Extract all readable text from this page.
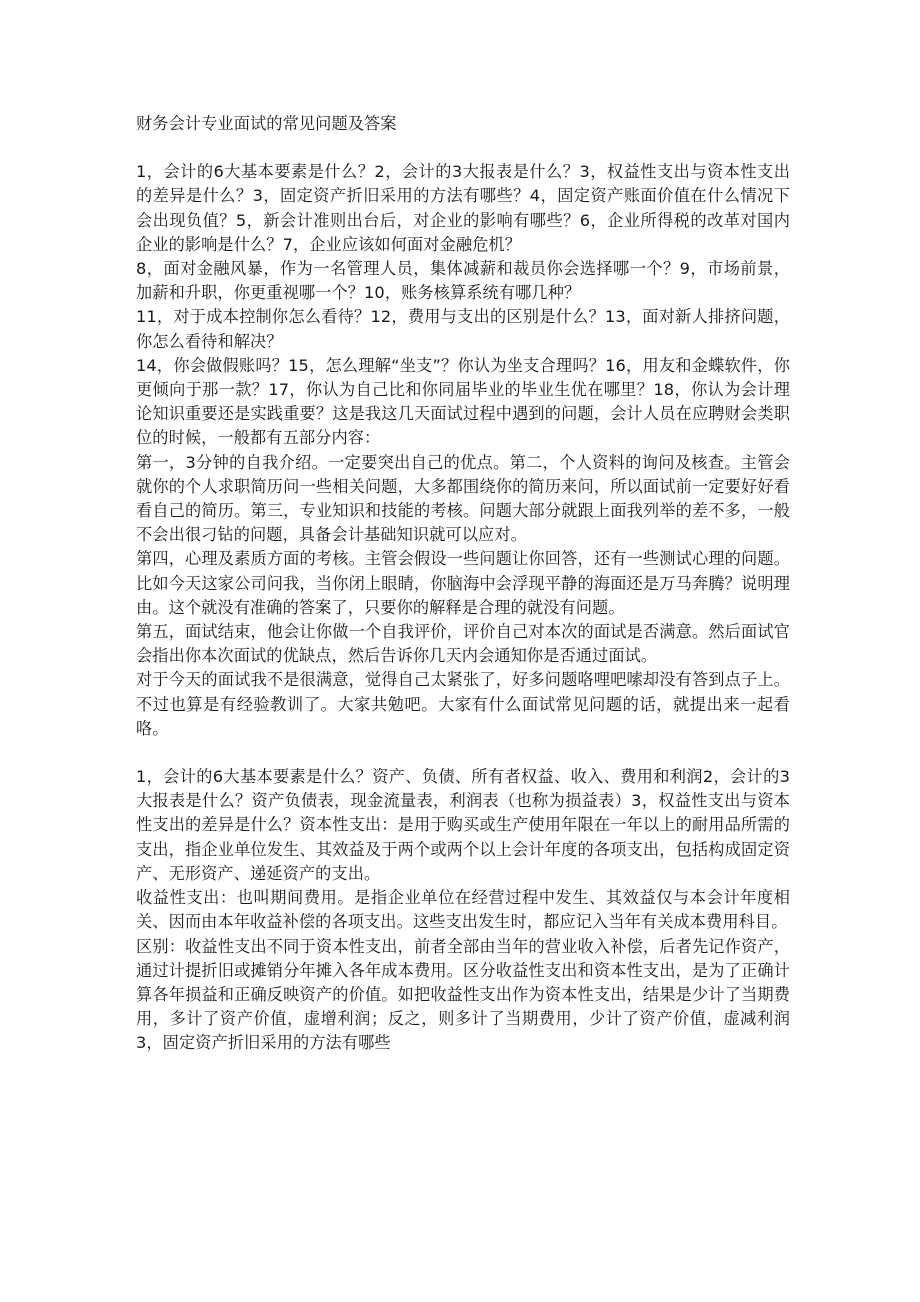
财务会计专业面试的常见问题及答案

1，会计的6大基本要素是什么？2，会计的3大报表是什么？3，权益性支出与资本性支出的差异是什么？3，固定资产折旧采用的方法有哪些？4，固定资产账面价值在什么情况下会出现负值？5，新会计准则出台后，对企业的影响有哪些？6，企业所得税的改革对国内企业的影响是什么？7，企业应该如何面对金融危机？

8，面对金融风暴，作为一名管理人员，集体减薪和裁员你会选择哪一个？9，市场前景，加薪和升职，你更重视哪一个？10，账务核算系统有哪几种？

11，对于成本控制你怎么看待？12，费用与支出的区别是什么？13，面对新人排挤问题，你怎么看待和解决？

14，你会做假账吗？15，怎么理解“坐支”？你认为坐支合理吗？16，用友和金蝶软件，你更倾向于那一款？17，你认为自己比和你同届毕业的毕业生优在哪里？18，你认为会计理论知识重要还是实践重要？这是我这几天面试过程中遇到的问题，会计人员在应聘财会类职位的时候，一般都有五部分内容：

第一，3分钟的自我介绍。一定要突出自己的优点。第二，个人资料的询问及核查。主管会就你的个人求职简历问一些相关问题，大多都围绕你的简历来问，所以面试前一定要好好看看自己的简历。第三，专业知识和技能的考核。问题大部分就跟上面我列举的差不多，一般不会出很刁钻的问题，具备会计基础知识就可以应对。

第四，心理及素质方面的考核。主管会假设一些问题让你回答，还有一些测试心理的问题。比如今天这家公司问我，当你闭上眼睛，你脑海中会浮现平静的海面还是万马奔腾？说明理由。这个就没有准确的答案了，只要你的解释是合理的就没有问题。

第五，面试结束，他会让你做一个自我评价，评价自己对本次的面试是否满意。然后面试官会指出你本次面试的优缺点，然后告诉你几天内会通知你是否通过面试。

对于今天的面试我不是很满意，觉得自己太紧张了，好多问题咯哩吧嗦却没有答到点子上。不过也算是有经验教训了。大家共勉吧。大家有什么面试常见问题的话，就提出来一起看咯。

1，会计的6大基本要素是什么？资产、负债、所有者权益、收入、费用和利润2，会计的3大报表是什么？资产负债表，现金流量表，利润表（也称为损益表）3，权益性支出与资本性支出的差异是什么？资本性支出：是用于购买或生产使用年限在一年以上的耐用品所需的支出，指企业单位发生、其效益及于两个或两个以上会计年度的各项支出，包括构成固定资产、无形资产、递延资产的支出。

收益性支出：也叫期间费用。是指企业单位在经营过程中发生、其效益仅与本会计年度相关、因而由本年收益补偿的各项支出。这些支出发生时，都应记入当年有关成本费用科目。

区别：收益性支出不同于资本性支出，前者全部由当年的营业收入补偿，后者先记作资产，通过计提折旧或摊销分年摊入各年成本费用。区分收益性支出和资本性支出，是为了正确计算各年损益和正确反映资产的价值。如把收益性支出作为资本性支出，结果是少计了当期费用，多计了资产价值，虚增利润；反之，则多计了当期费用，少计了资产价值，虚减利润3，固定资产折旧采用的方法有哪些
